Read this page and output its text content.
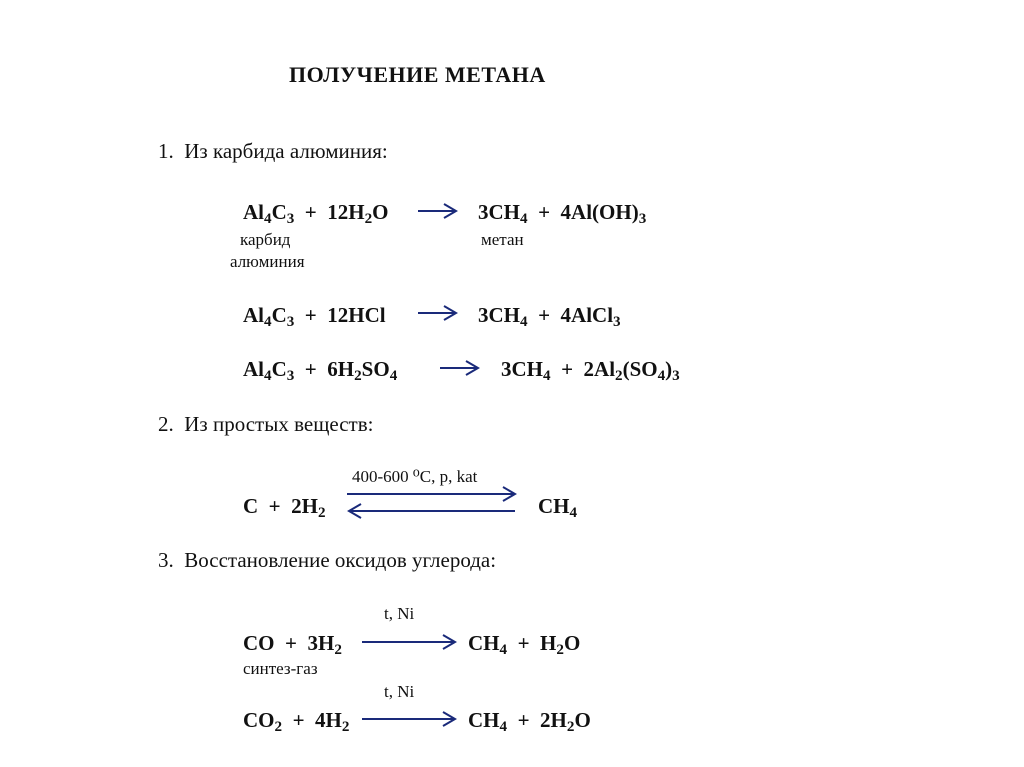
ПОЛУЧЕНИЕ МЕТАНА
1. Из карбида алюминия:
$Al_4C_3 + 12H_2O \to 3CH_4 + 4Al(OH)_3$
карбид
алюминия
метан
$Al_4C_3 + 12HCl \to 3CH_4$  +  4AlCl$_3$
$Al_4C_3 + 6H_2SO_4$	→ $3CH_4 + 2Al_2(SO_4)_3$
2. Из простых веществ:
400-600 ⁰C, p, kat
$C + 2H_2$	$CH_4$
3. Восстановление оксидов углерода:
t, Ni
CO  +  $3H_2$	$CH_4 + H_2O$
синтез-газ
t, Ni
$CO_2 + 4H_2$	$CH_4 + 2H_2O$
